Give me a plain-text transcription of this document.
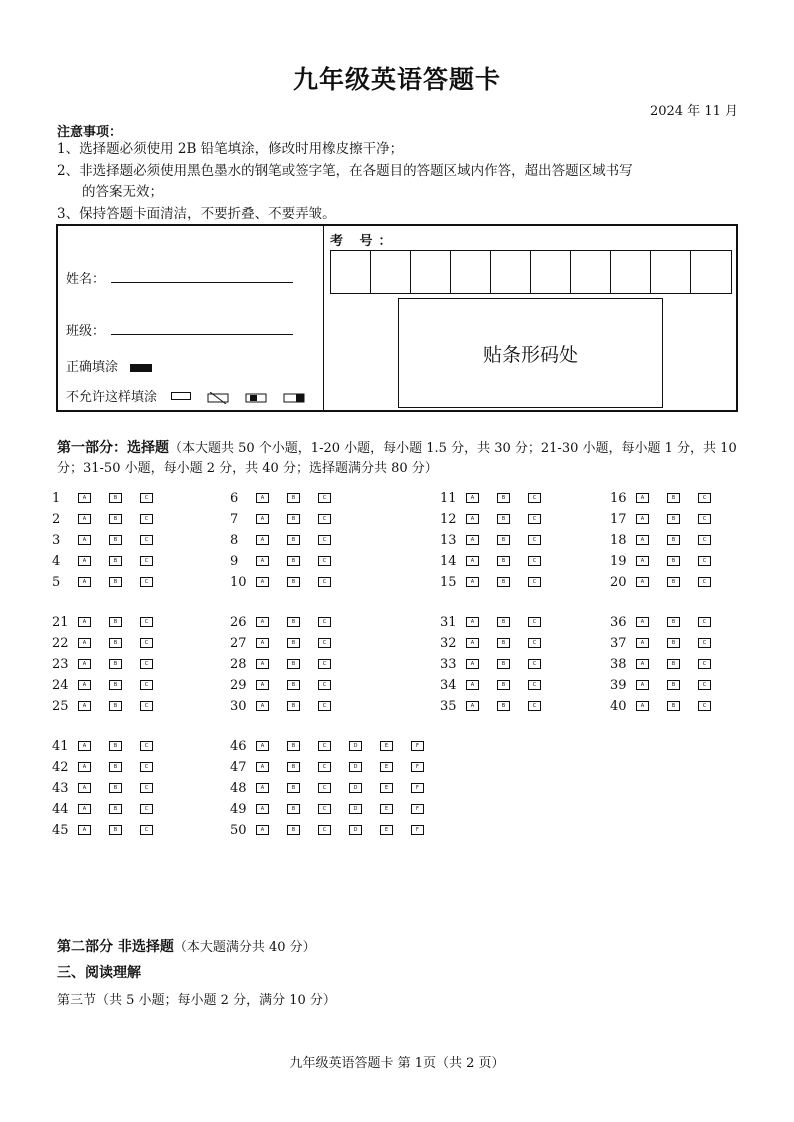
九年级英语答题卡
2024 年 11 月
注意事项：
1、选择题必须使用 2B 铅笔填涂，修改时用橡皮擦干净；
2、非选择题必须使用黑色墨水的钢笔或签字笔，在各题目的答题区域内作答，超出答题区域书写
的答案无效；
3、保持答题卡面清洁，不要折叠、不要弄皱。
姓名：
班级：
正确填涂
不允许这样填涂
考 号：
贴条形码处
第一部分：选择题（本大题共 50 个小题，1-20 小题，每小题 1.5 分，共 30 分；21-30 小题，每小题 1 分，共 10 分；31-50 小题，每小题 2 分，共 40 分；选择题满分共 80 分）
1	A	B	C
2	A	B	C
3	A	B	C
4	A	B	C
5	A	B	C
6	A	B	C
7	A	B	C
8	A	B	C
9	A	B	C
10	A	B	C
11	A	B	C
12	A	B	C
13	A	B	C
14	A	B	C
15	A	B	C
16	A	B	C
17	A	B	C
18	A	B	C
19	A	B	C
20	A	B	C
21	A	B	C
22	A	B	C
23	A	B	C
24	A	B	C
25	A	B	C
26	A	B	C
27	A	B	C
28	A	B	C
29	A	B	C
30	A	B	C
31	A	B	C
32	A	B	C
33	A	B	C
34	A	B	C
35	A	B	C
36	A	B	C
37	A	B	C
38	A	B	C
39	A	B	C
40	A	B	C
41	A	B	C
42	A	B	C
43	A	B	C
44	A	B	C
45	A	B	C
46	A	B	C	D	E	F
47	A	B	C	D	E	F
48	A	B	C	D	E	F
49	A	B	C	D	E	F
50	A	B	C	D	E	F
第二部分 非选择题（本大题满分共 40 分）
三、阅读理解
第三节（共 5 小题；每小题 2 分，满分 10 分）
九年级英语答题卡 第 1页（共 2 页）
